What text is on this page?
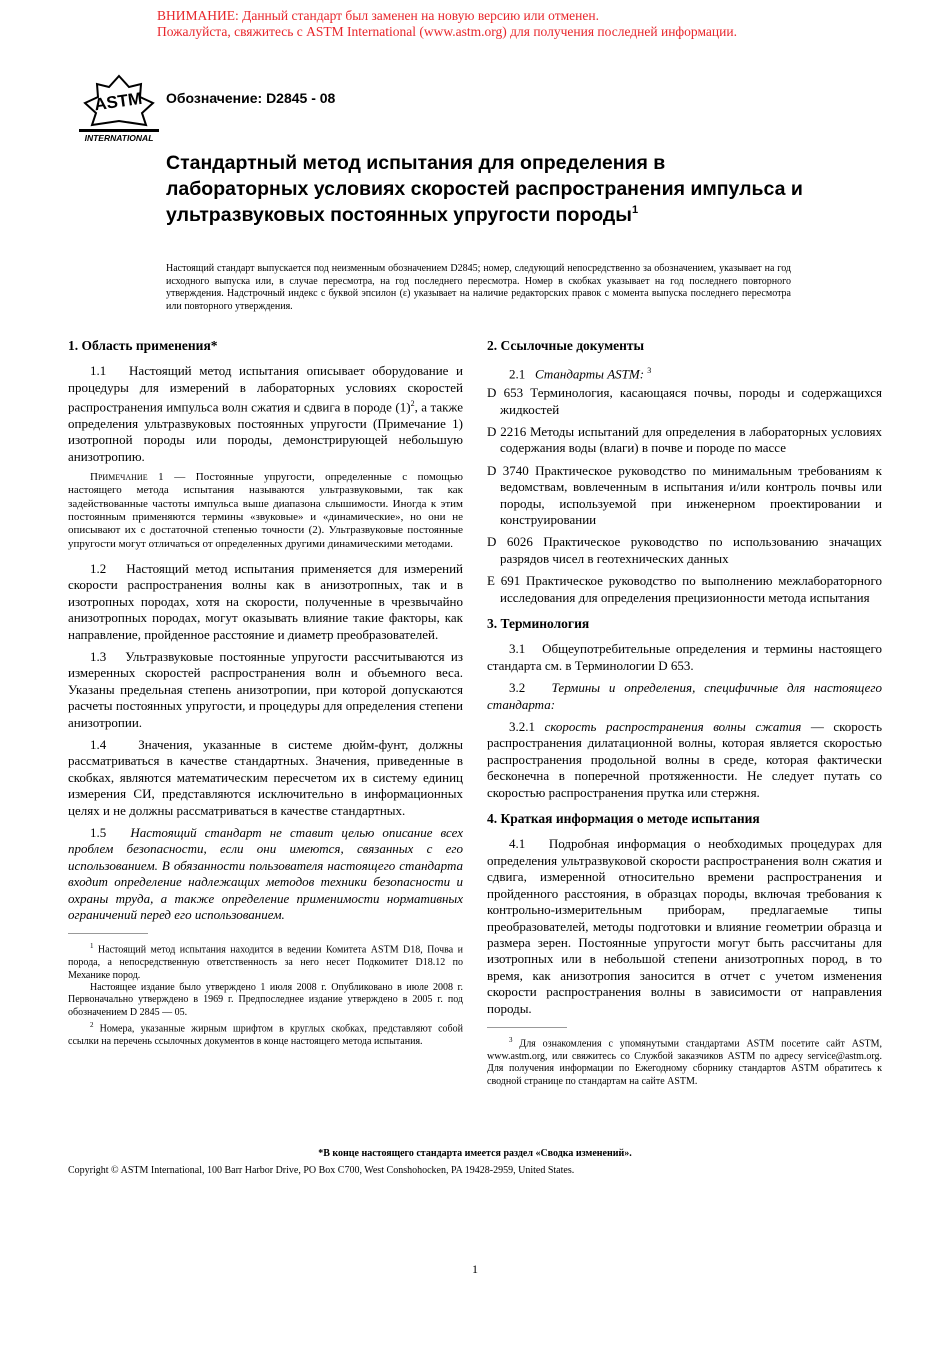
ВНИМАНИЕ: Данный стандарт был заменен на новую версию или отменен.
Пожалуйста, свяжитесь с ASTM International (www.astm.org) для получения последней информации.
ASTM
INTERNATIONAL
Обозначение: D2845 - 08
Стандартный метод испытания для определения в лабораторных условиях скоростей распространения импульса и ультразвуковых постоянных упругости породы$^1$

Настоящий стандарт выпускается под неизменным обозначением D2845; номер, следующий непосредственно за обозначением, указывает на год исходного выпуска или, в случае пересмотра, на год последнего пересмотра. Номер в скобках указывает на год последнего повторного утверждения. Надстрочный индекс с буквой эпсилон (ε) указывает на наличие редакторских правок с момента выпуска последнего пересмотра или повторного утверждения.

1. Область применения*

1.1 Настоящий метод испытания описывает оборудование и процедуры для измерений в лабораторных условиях скоростей распространения импульса волн сжатия и сдвига в породе $(1)^2$, а также определения ультразвуковых постоянных упругости (Примечание 1) изотропной породы или породы, демонстрирующей небольшую анизотропию.

Примечание 1 — Постоянные упругости, определенные с помощью настоящего метода испытания называются ультразвуковыми, так как задействованные частоты импульса выше диапазона слышимости. Иногда к этим постоянным применяются термины «звуковые» и «динамические», но они не описывают их с достаточной степенью точности (2). Ультразвуковые постоянные упругости могут отличаться от определенных другими динамическими методами.

1.2 Настоящий метод испытания применяется для измерений скорости распространения волны как в анизотропных, так и в изотропных породах, хотя на скорости, полученные в чрезвычайно анизотропных породах, могут оказывать влияние такие факторы, как направление, пройденное расстояние и диаметр преобразователей.

1.3 Ультразвуковые постоянные упругости рассчитываются из измеренных скоростей распространения волн и объемного веса. Указаны предельная степень анизотропии, при которой допускаются расчеты постоянных упругости, и процедуры для определения степени анизотропии.

1.4 Значения, указанные в системе дюйм-фунт, должны рассматриваться в качестве стандартных. Значения, приведенные в скобках, являются математическим пересчетом их в систему единиц измерения СИ, представляются исключительно в информационных целях и не должны рассматриваться в качестве стандартных.

1.5 Настоящий стандарт не ставит целью описание всех проблем безопасности, если они имеются, связанных с его использованием. В обязанности пользователя настоящего стандарта входит определение надлежащих методов техники безопасности и охраны труда, а также определение применимости нормативных ограничений перед его использованием.

$^1$ Настоящий метод испытания находится в ведении Комитета ASTM D18, Почва и порода, а непосредственную ответственность за него несет Подкомитет D18.12 по Механике пород.

Настоящее издание было утверждено 1 июля 2008 г. Опубликовано в июле 2008 г. Первоначально утверждено в 1969 г. Предпоследнее издание утверждено в 2005 г. под обозначением D 2845 — 05.

$^2$ Номера, указанные жирным шрифтом в круглых скобках, представляют собой ссылки на перечень ссылочных документов в конце настоящего метода испытания.

2. Ссылочные документы

2.1 Стандарты ASTM: $^3$

D 653 Терминология, касающаяся почвы, породы и содержащихся жидкостей

D 2216 Методы испытаний для определения в лабораторных условиях содержания воды (влаги) в почве и породе по массе

D 3740 Практическое руководство по минимальным требованиям к ведомствам, вовлеченным в испытания и/или контроль почвы или породы, используемой при инженерном проектировании и конструировании

D 6026 Практическое руководство по использованию значащих разрядов чисел в геотехнических данных

E 691 Практическое руководство по выполнению межлабораторного исследования для определения прецизионности метода испытания

3. Терминология

3.1 Общеупотребительные определения и термины настоящего стандарта см. в Терминологии D 653.

3.2 Термины и определения, специфичные для настоящего стандарта:

3.2.1 скорость распространения волны сжатия — скорость распространения дилатационной волны, которая является скоростью распространения продольной волны в среде, которая фактически бесконечна в поперечной протяженности. Не следует путать со скоростью распространения прутка или стержня.

4. Краткая информация о методе испытания

4.1 Подробная информация о необходимых процедурах для определения ультразвуковой скорости распространения волн сжатия и сдвига, измеренной относительно времени распространения и пройденного расстояния, в образцах породы, включая требования к контрольно-измерительным приборам, предлагаемые типы преобразователей, методы подготовки и влияние геометрии образца и размера зерен. Постоянные упругости могут быть рассчитаны для изотропных или в небольшой степени анизотропных пород, в то время, как анизотропия заносится в отчет с учетом изменения скорости распространения волны в зависимости от направления породы.

$^3$ Для ознакомления с упомянутыми стандартами ASTM посетите сайт ASTM, www.astm.org, или свяжитесь со Службой заказчиков ASTM по адресу service@astm.org. Для получения информации по Ежегодному сборнику стандартов ASTM обратитесь к сводной странице по стандартам на сайте ASTM.

*В конце настоящего стандарта имеется раздел «Сводка изменений».
Copyright © ASTM International, 100 Barr Harbor Drive, PO Box C700, West Conshohocken, PA 19428-2959, United States.
1
